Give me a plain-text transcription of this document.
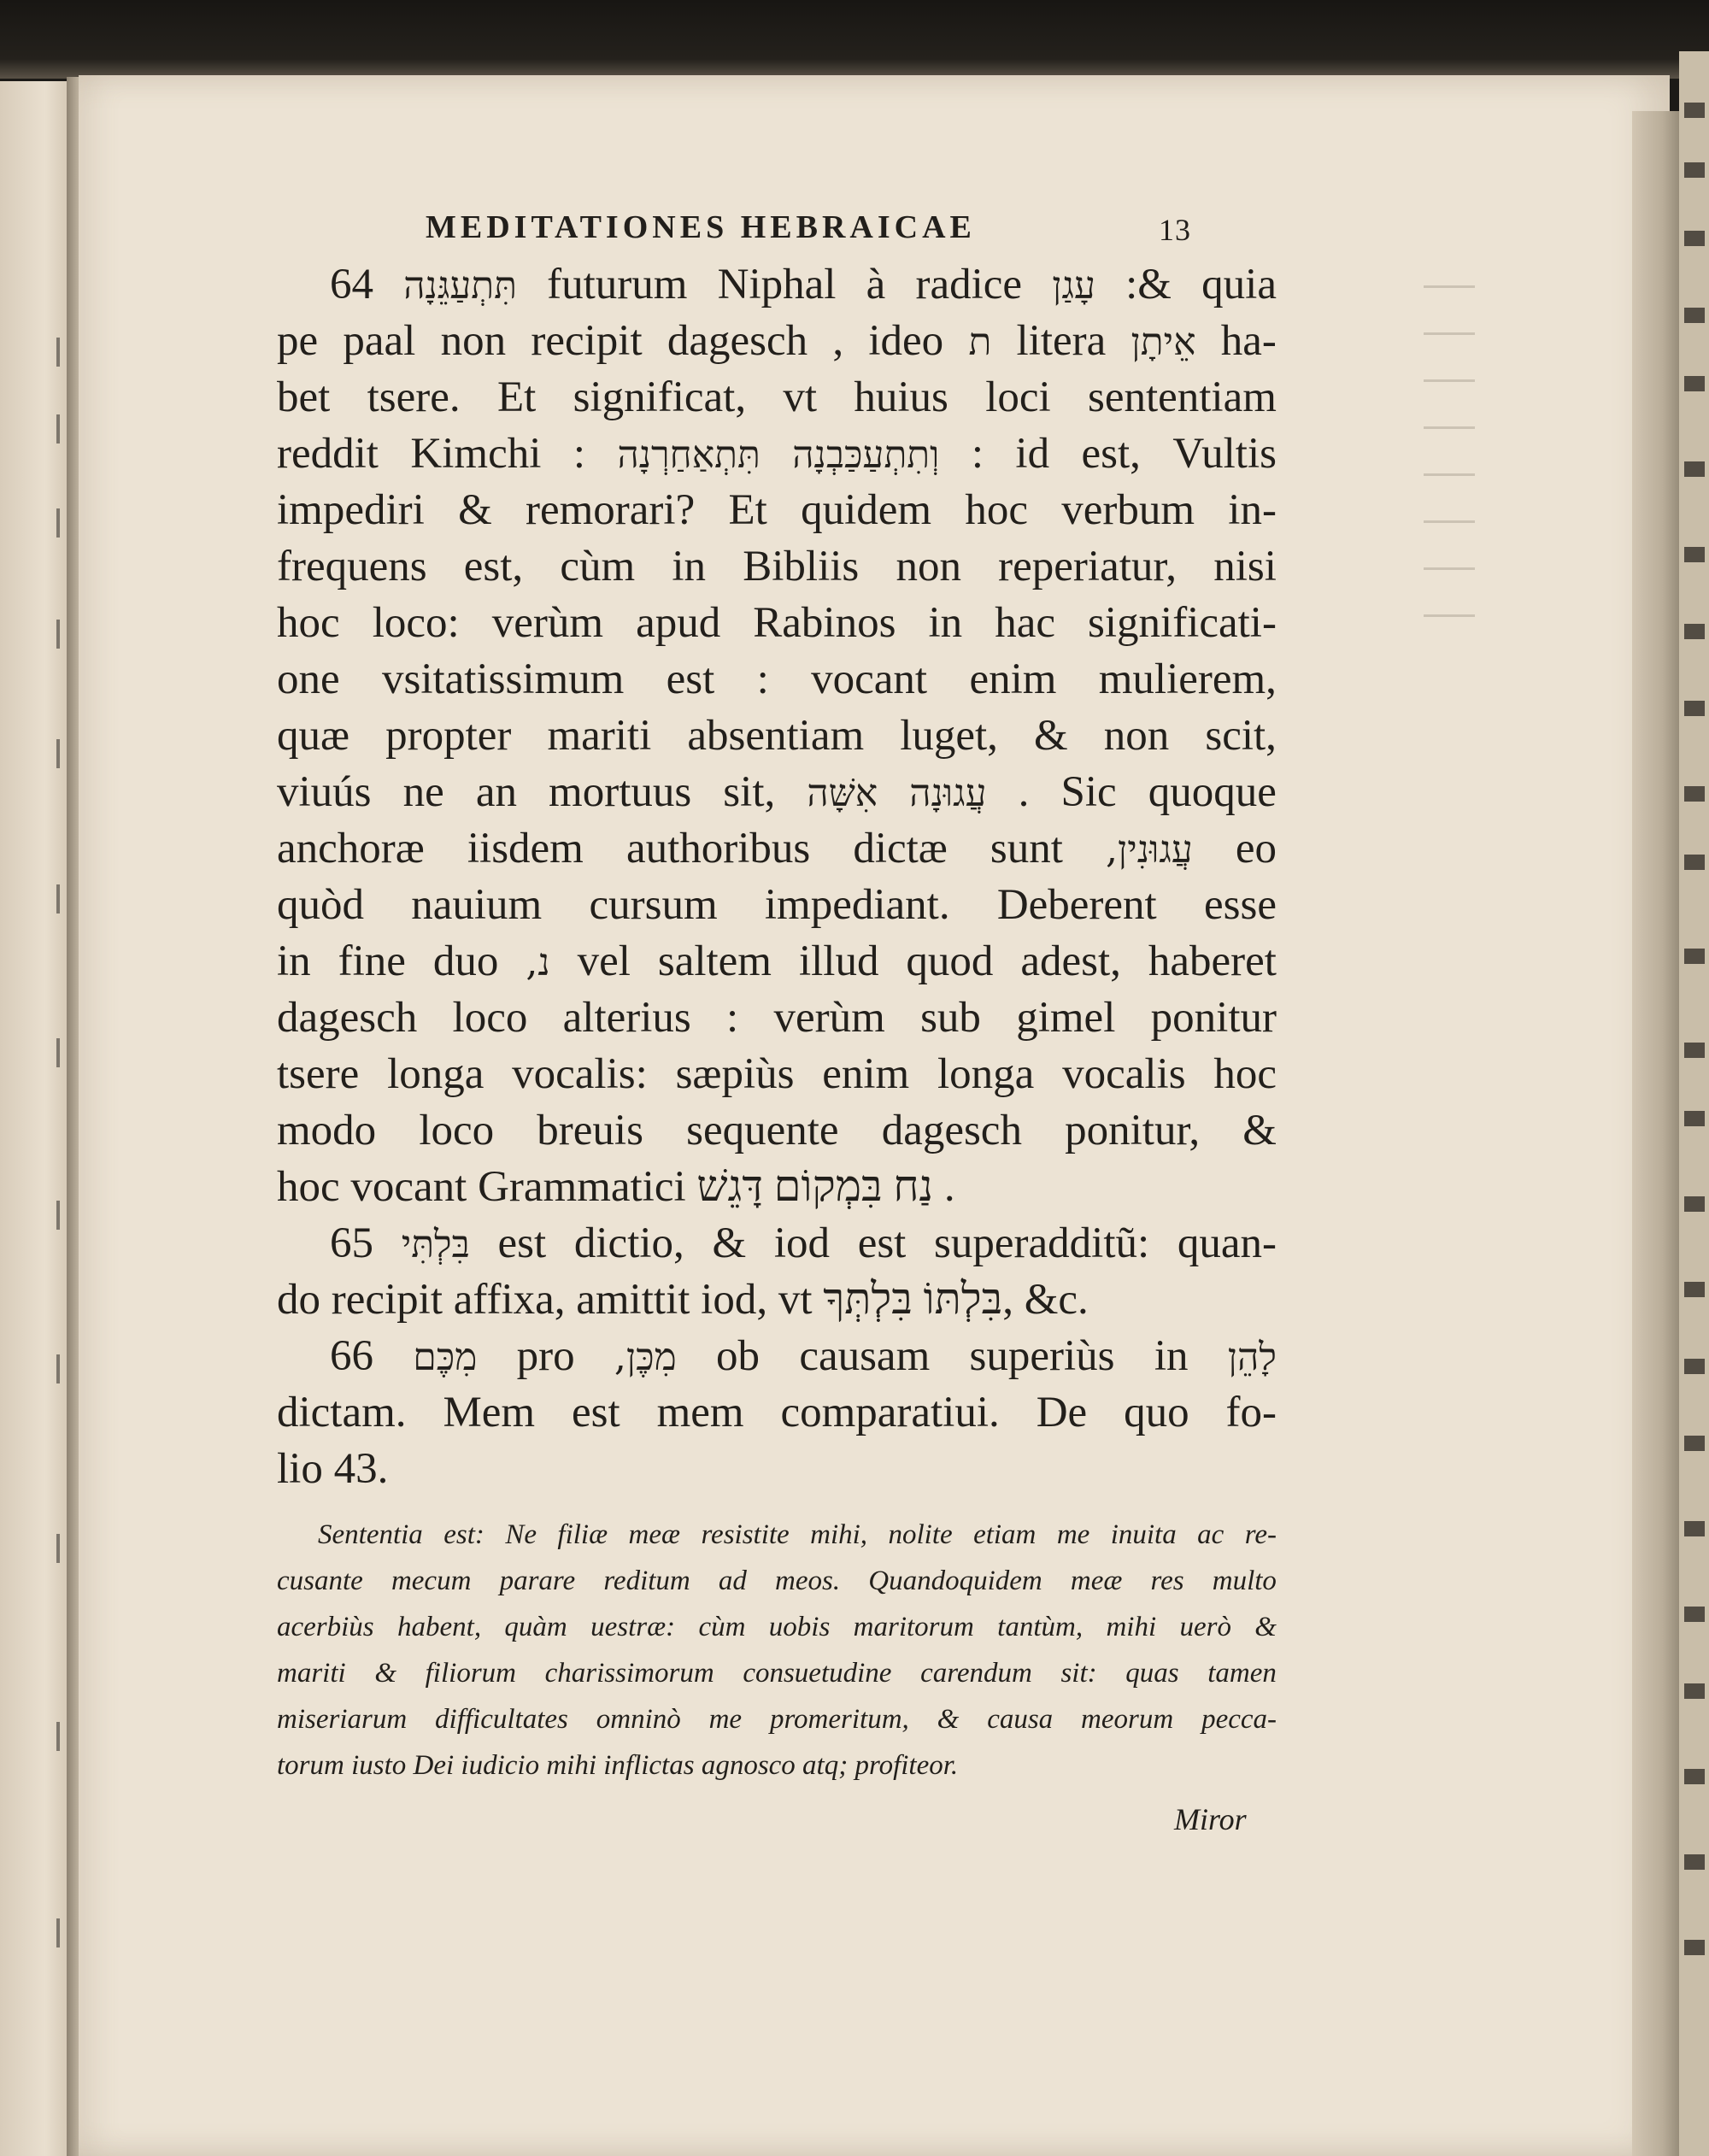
MEDITATIONES HEBRAICAE	13
64 תִּתְעַגֵּנָה futurum Niphal à radice עָגַן :& quia
pe paal non recipit dagesch , ideo ת litera אֵיתָן ha-
bet tsere. Et significat, vt huius loci sententiam
reddit Kimchi : תִּתְאַחַרְנָה וְתִתְעַכַּבְנָה : id est, Vultis
impediri & remorari? Et quidem hoc verbum in-
frequens est, cùm in Bibliis non reperiatur, nisi
hoc loco: verùm apud Rabinos in hac significati-
one vsitatissimum est : vocant enim mulierem,
quæ propter mariti absentiam luget, & non scit,
viuús ne an mortuus sit, אִשָּׁה עֲגוּנָה . Sic quoque
anchoræ iisdem authoribus dictæ sunt עֲגוּנִין, eo
quòd nauium cursum impediant. Deberent esse
in fine duo נ, vel saltem illud quod adest, haberet
dagesch loco alterius : verùm sub gimel ponitur
tsere longa vocalis: sæpiùs enim longa vocalis hoc
modo loco breuis sequente dagesch ponitur, &
hoc vocant Grammatici נַח בִּמְקוֹם דָּגֵשׁ .
65 בִּלְתִּי est dictio, & iod est superadditũ: quan-
do recipit affixa, amittit iod, vt בִּלְתּוֹ בִּלְתְּךָ, &c.
66 מִכֶּם pro מִכֶּן, ob causam superiùs in לָהֵן
dictam. Mem est mem comparatiui. De quo fo-
lio 43.
Sententia est: Ne filiæ meæ resistite mihi, nolite etiam me inuita ac re-
cusante mecum parare reditum ad meos. Quandoquidem meæ res multo
acerbiùs habent, quàm uestræ: cùm uobis maritorum tantùm, mihi uerò &
mariti & filiorum charissimorum consuetudine carendum sit: quas tamen
miseriarum difficultates omninò me promeritum, & causa meorum pecca-
torum iusto Dei iudicio mihi inflictas agnosco atq; profiteor.
Miror
